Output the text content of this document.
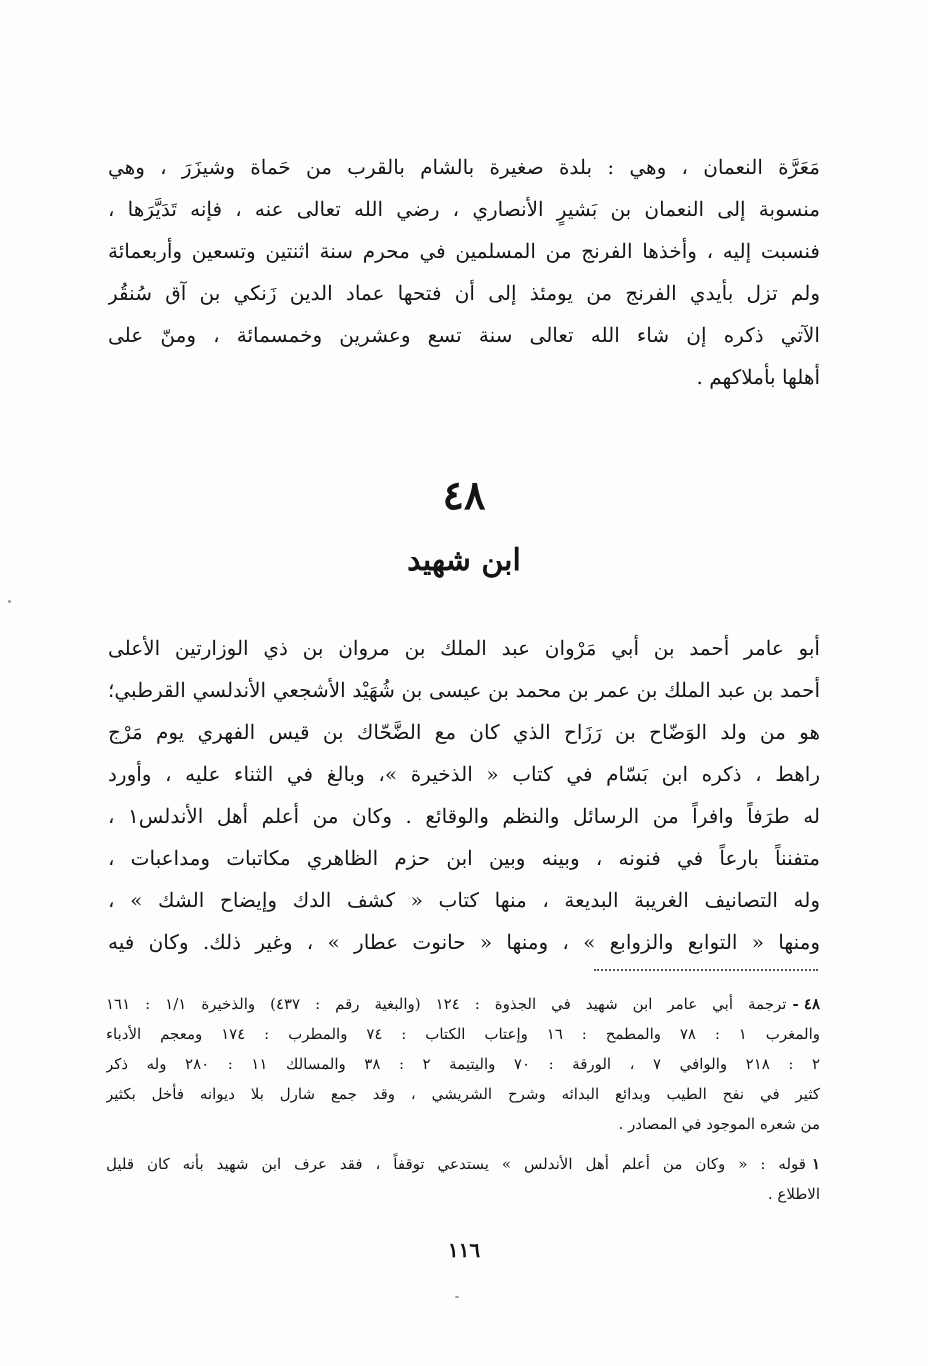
مَعَرَّة النعمان ، وهي : بلدة صغيرة بالشام بالقرب من حَماة وشيزَرَ ، وهي
منسوبة إلى النعمان بن بَشيرٍ الأنصاري ، رضي الله تعالى عنه ، فإنه تَدَيَّرَها ،
فنسبت إليه ، وأخذها الفرنج من المسلمين في محرم سنة اثنتين وتسعين وأربعمائة
ولم تزل بأيدي الفرنج من يومئذ إلى أن فتحها عماد الدين زَنكي بن آق سُنقُر
الآتي ذكره إن شاء الله تعالى سنة تسع وعشرين وخمسمائة ، ومنّ على
أهلها بأملاكهم .
٤٨
ابن شهيد
أبو عامر أحمد بن أبي مَرْوان عبد الملك بن مروان بن ذي الوزارتين الأعلى
أحمد بن عبد الملك بن عمر بن محمد بن عيسى بن شُهَيْد الأشجعي الأندلسي القرطبي؛
هو من ولد الوَضّاح بن رَزَاح الذي كان مع الضَّحّاك بن قيس الفهري يوم مَرْج
راهط ، ذكره ابن بَسّام في كتاب « الذخيرة »، وبالغ في الثناء عليه ، وأورد
له طرَفاً وافراً من الرسائل والنظم والوقائع . وكان من أعلم أهل الأندلس١ ،
متفنناً بارعاً في فنونه ، وبينه وبين ابن حزم الظاهري مكاتبات ومداعبات ،
وله التصانيف الغريبة البديعة ، منها كتاب « كشف الدك وإيضاح الشك » ،
ومنها « التوابع والزوابع » ، ومنها « حانوت عطار » ، وغير ذلك. وكان فيه
٤٨ -ترجمة أبي عامر ابن شهيد في الجذوة : ١٢٤ (والبغية رقم : ٤٣٧) والذخيرة ١/١ : ١٦١
والمغرب ١ : ٧٨ والمطمح : ١٦ وإعتاب الكتاب : ٧٤ والمطرب : ١٧٤ ومعجم الأدباء
٢ : ٢١٨ والوافي ٧ ، الورقة : ٧٠ واليتيمة ٢ : ٣٨ والمسالك ١١ : ٢٨٠ وله ذكر
كثير في نفح الطيب وبدائع البدائه وشرح الشريشي ، وقد جمع شارل بلا ديوانه فأخل بكثير
من شعره الموجود في المصادر .
١قوله : « وكان من أعلم أهل الأندلس » يستدعي توقفاً ، فقد عرف ابن شهيد بأنه كان قليل
الاطلاع .
١١٦
